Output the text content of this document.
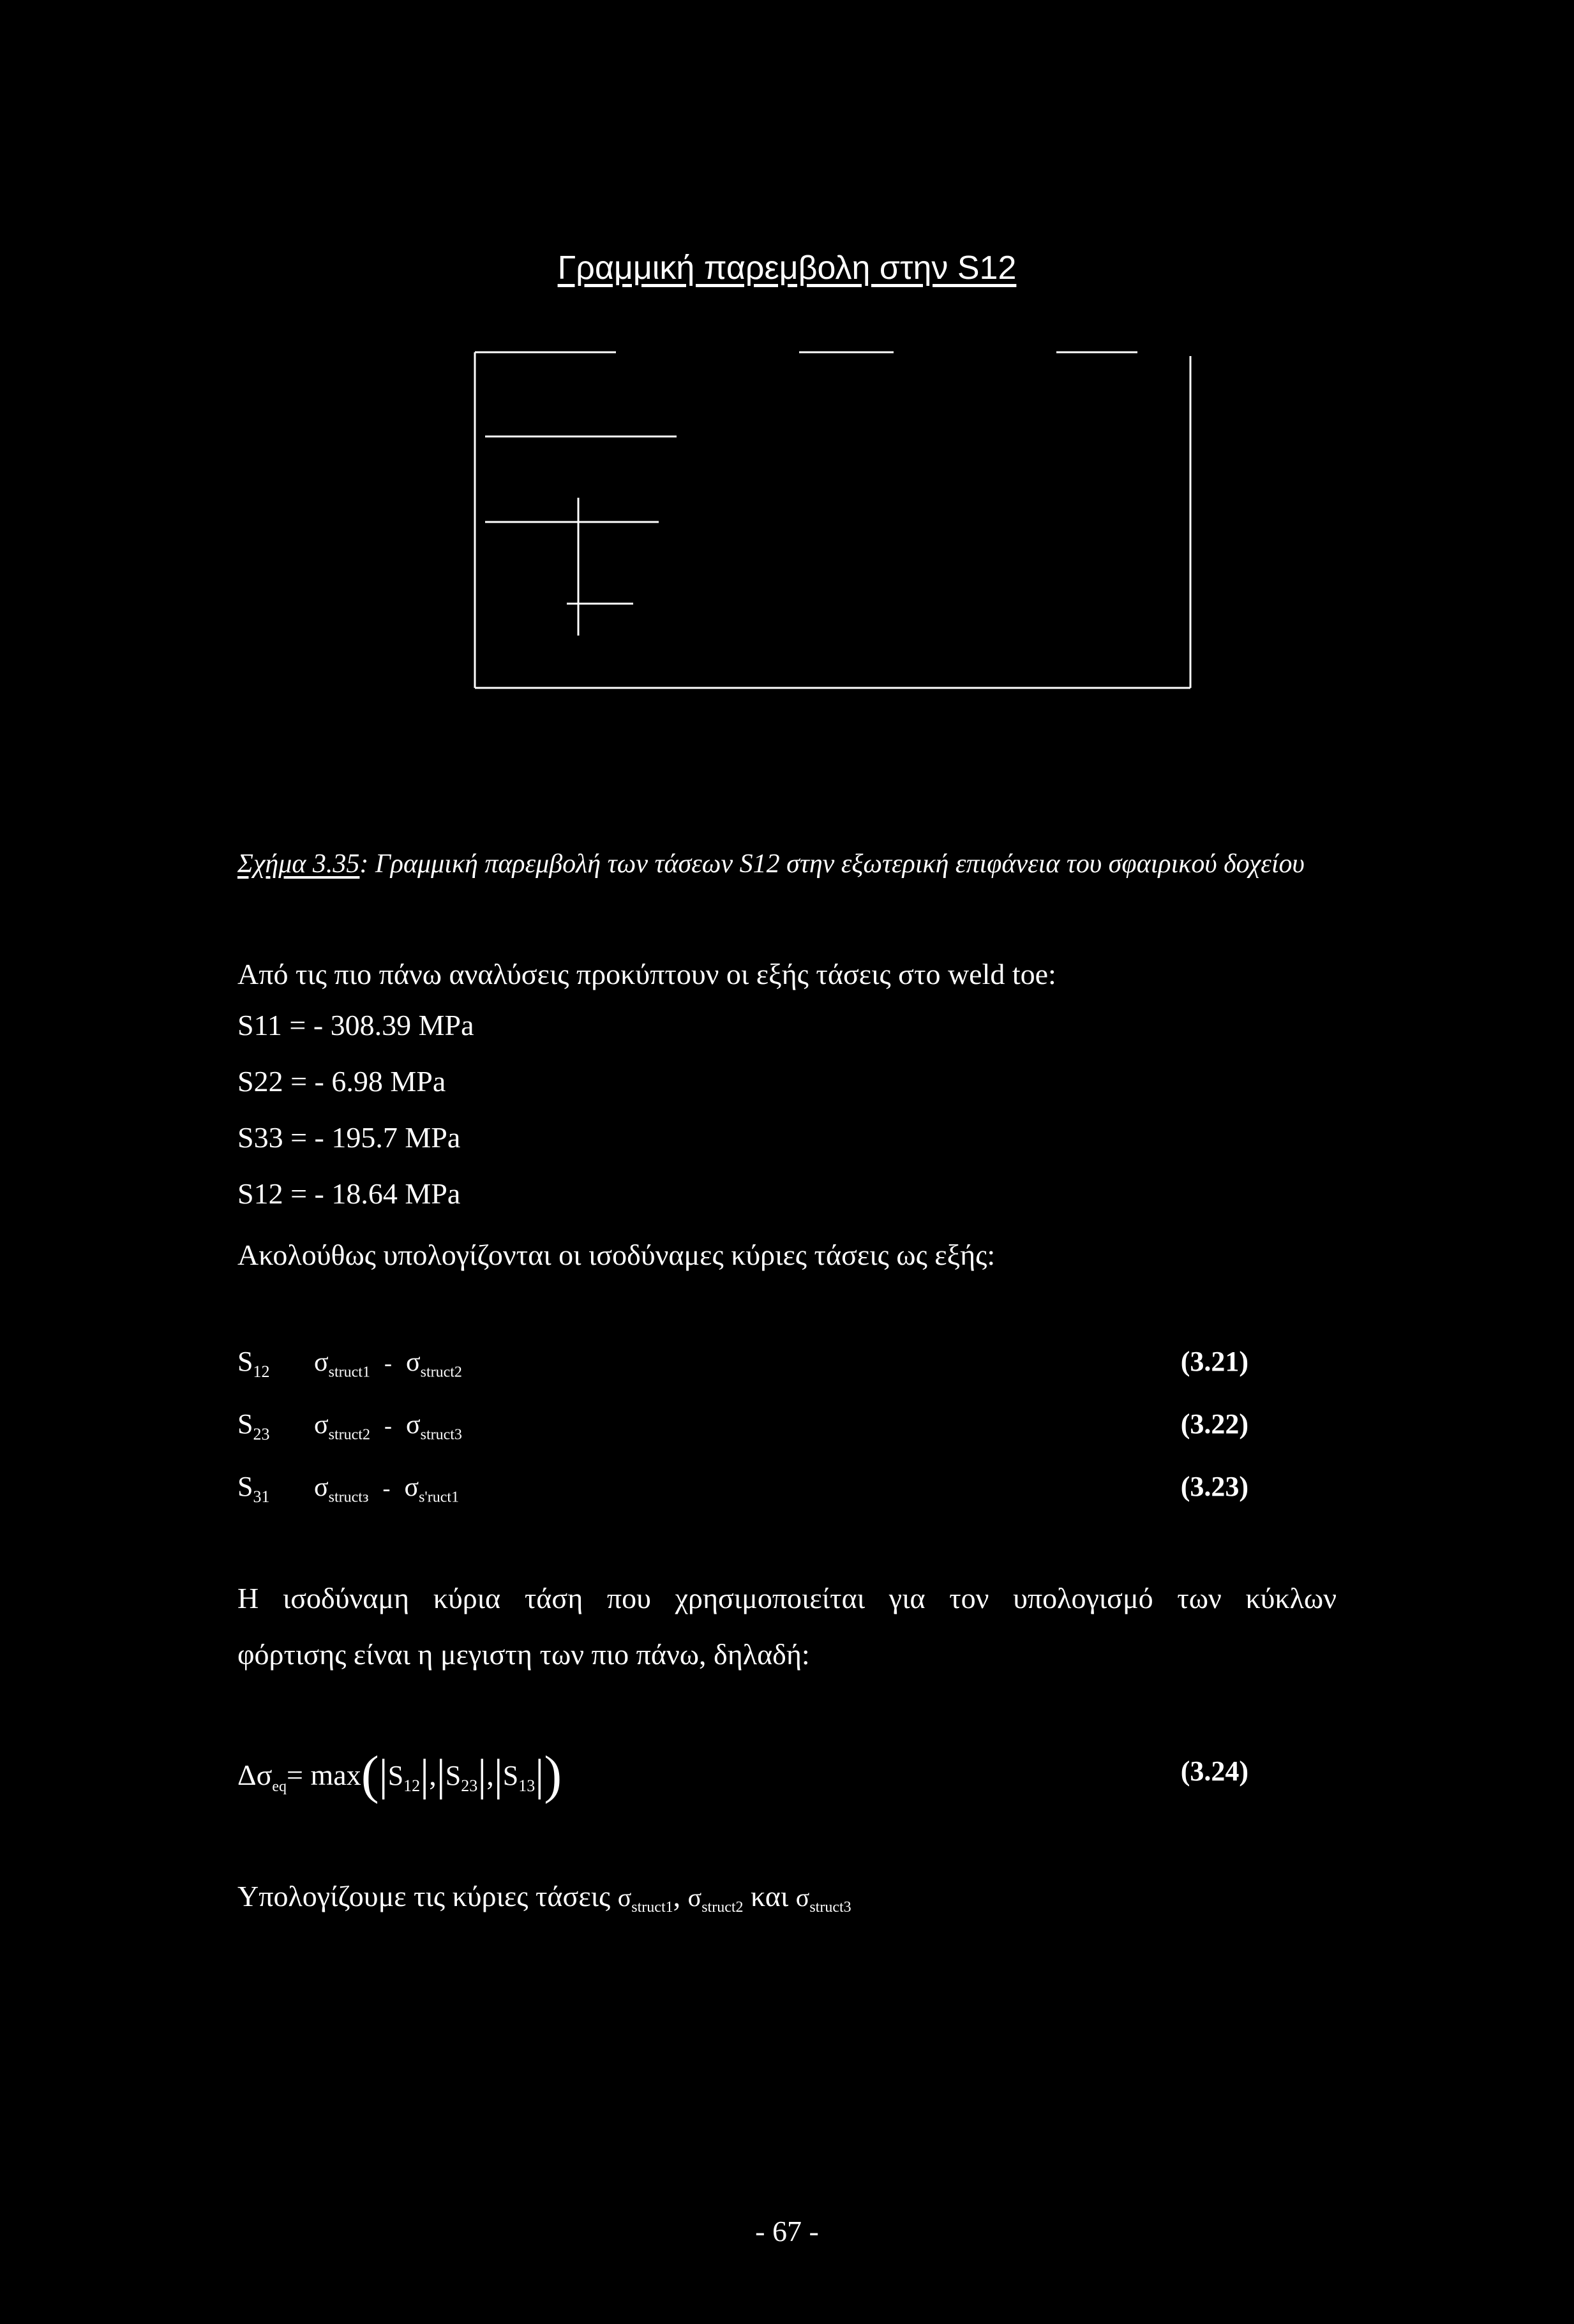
Γραμμική παρεμβολη στην S12
Σχήμα 3.35: Γραμμική παρεμβολή των τάσεων S12 στην εξωτερική επιφάνεια του σφαιρικού δοχείου
Από τις πιο πάνω αναλύσεις προκύπτουν οι εξής τάσεις στο weld toe:
S11 = - 308.39 MPa
S22 = - 6.98 MPa
S33 = - 195.7 MPa
S12 = - 18.64 MPa
Ακολούθως υπολογίζονται οι ισοδύναμες κύριες τάσεις ως εξής:
$S_{12}$ $\sigma_{struct1} - \sigma_{struct2}$	(3.21)
$S_{23}$ $\sigma_{struct2} - \sigma_{struct3}$	(3.22)
$S_{31}$ $\sigma_{structз} - \sigma_{s'ruct1}$	(3.23)
Η ισοδύναμη κύρια τάση που χρησιμοποιείται για τον υπολογισμό των κύκλων
φόρτισης είναι η μεγιστη των πιο πάνω, δηλαδή:
$\Delta\sigma_{eq}= \max(|S_{12}|,|S_{23}|,|S_{13}|)$	(3.24)
Υπολογίζουμε τις κύριες τάσεις $\sigma_{struct1}$, $\sigma_{struct2}$ και $\sigma_{struct3}$
- 67 -
